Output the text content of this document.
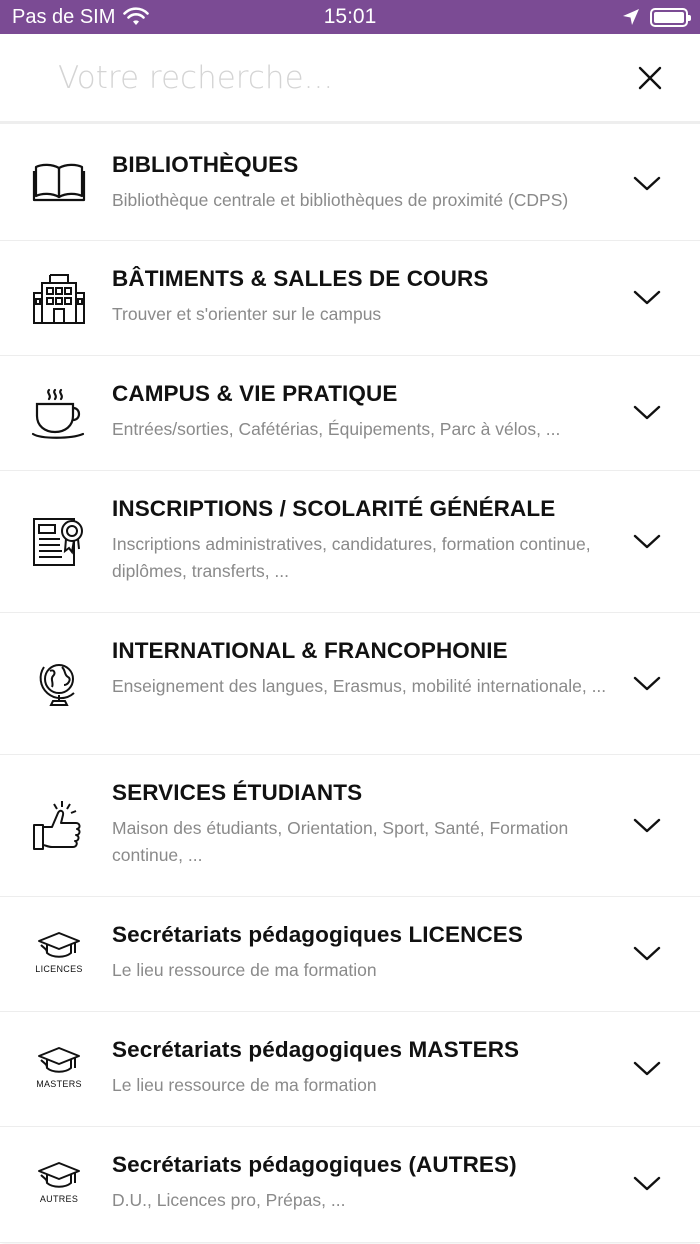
Pas de SIM	15:01
Votre recherche...
BIBLIOTHÈQUES
Bibliothèque centrale et bibliothèques de proximité (CDPS)
BÂTIMENTS & SALLES DE COURS
Trouver et s'orienter sur le campus
CAMPUS & VIE PRATIQUE
Entrées/sorties, Cafétérias, Équipements, Parc à vélos, ...
INSCRIPTIONS / SCOLARITÉ GÉNÉRALE
Inscriptions administratives, candidatures, formation continue, diplômes, transferts, ...
INTERNATIONAL & FRANCOPHONIE
Enseignement des langues, Erasmus, mobilité internationale, ...
SERVICES ÉTUDIANTS
Maison des étudiants, Orientation, Sport, Santé, Formation continue, ...
LICENCES
Secrétariats pédagogiques LICENCES
Le lieu ressource de ma formation
MASTERS
Secrétariats pédagogiques MASTERS
Le lieu ressource de ma formation
AUTRES
Secrétariats pédagogiques (AUTRES)
D.U., Licences pro, Prépas, ...
